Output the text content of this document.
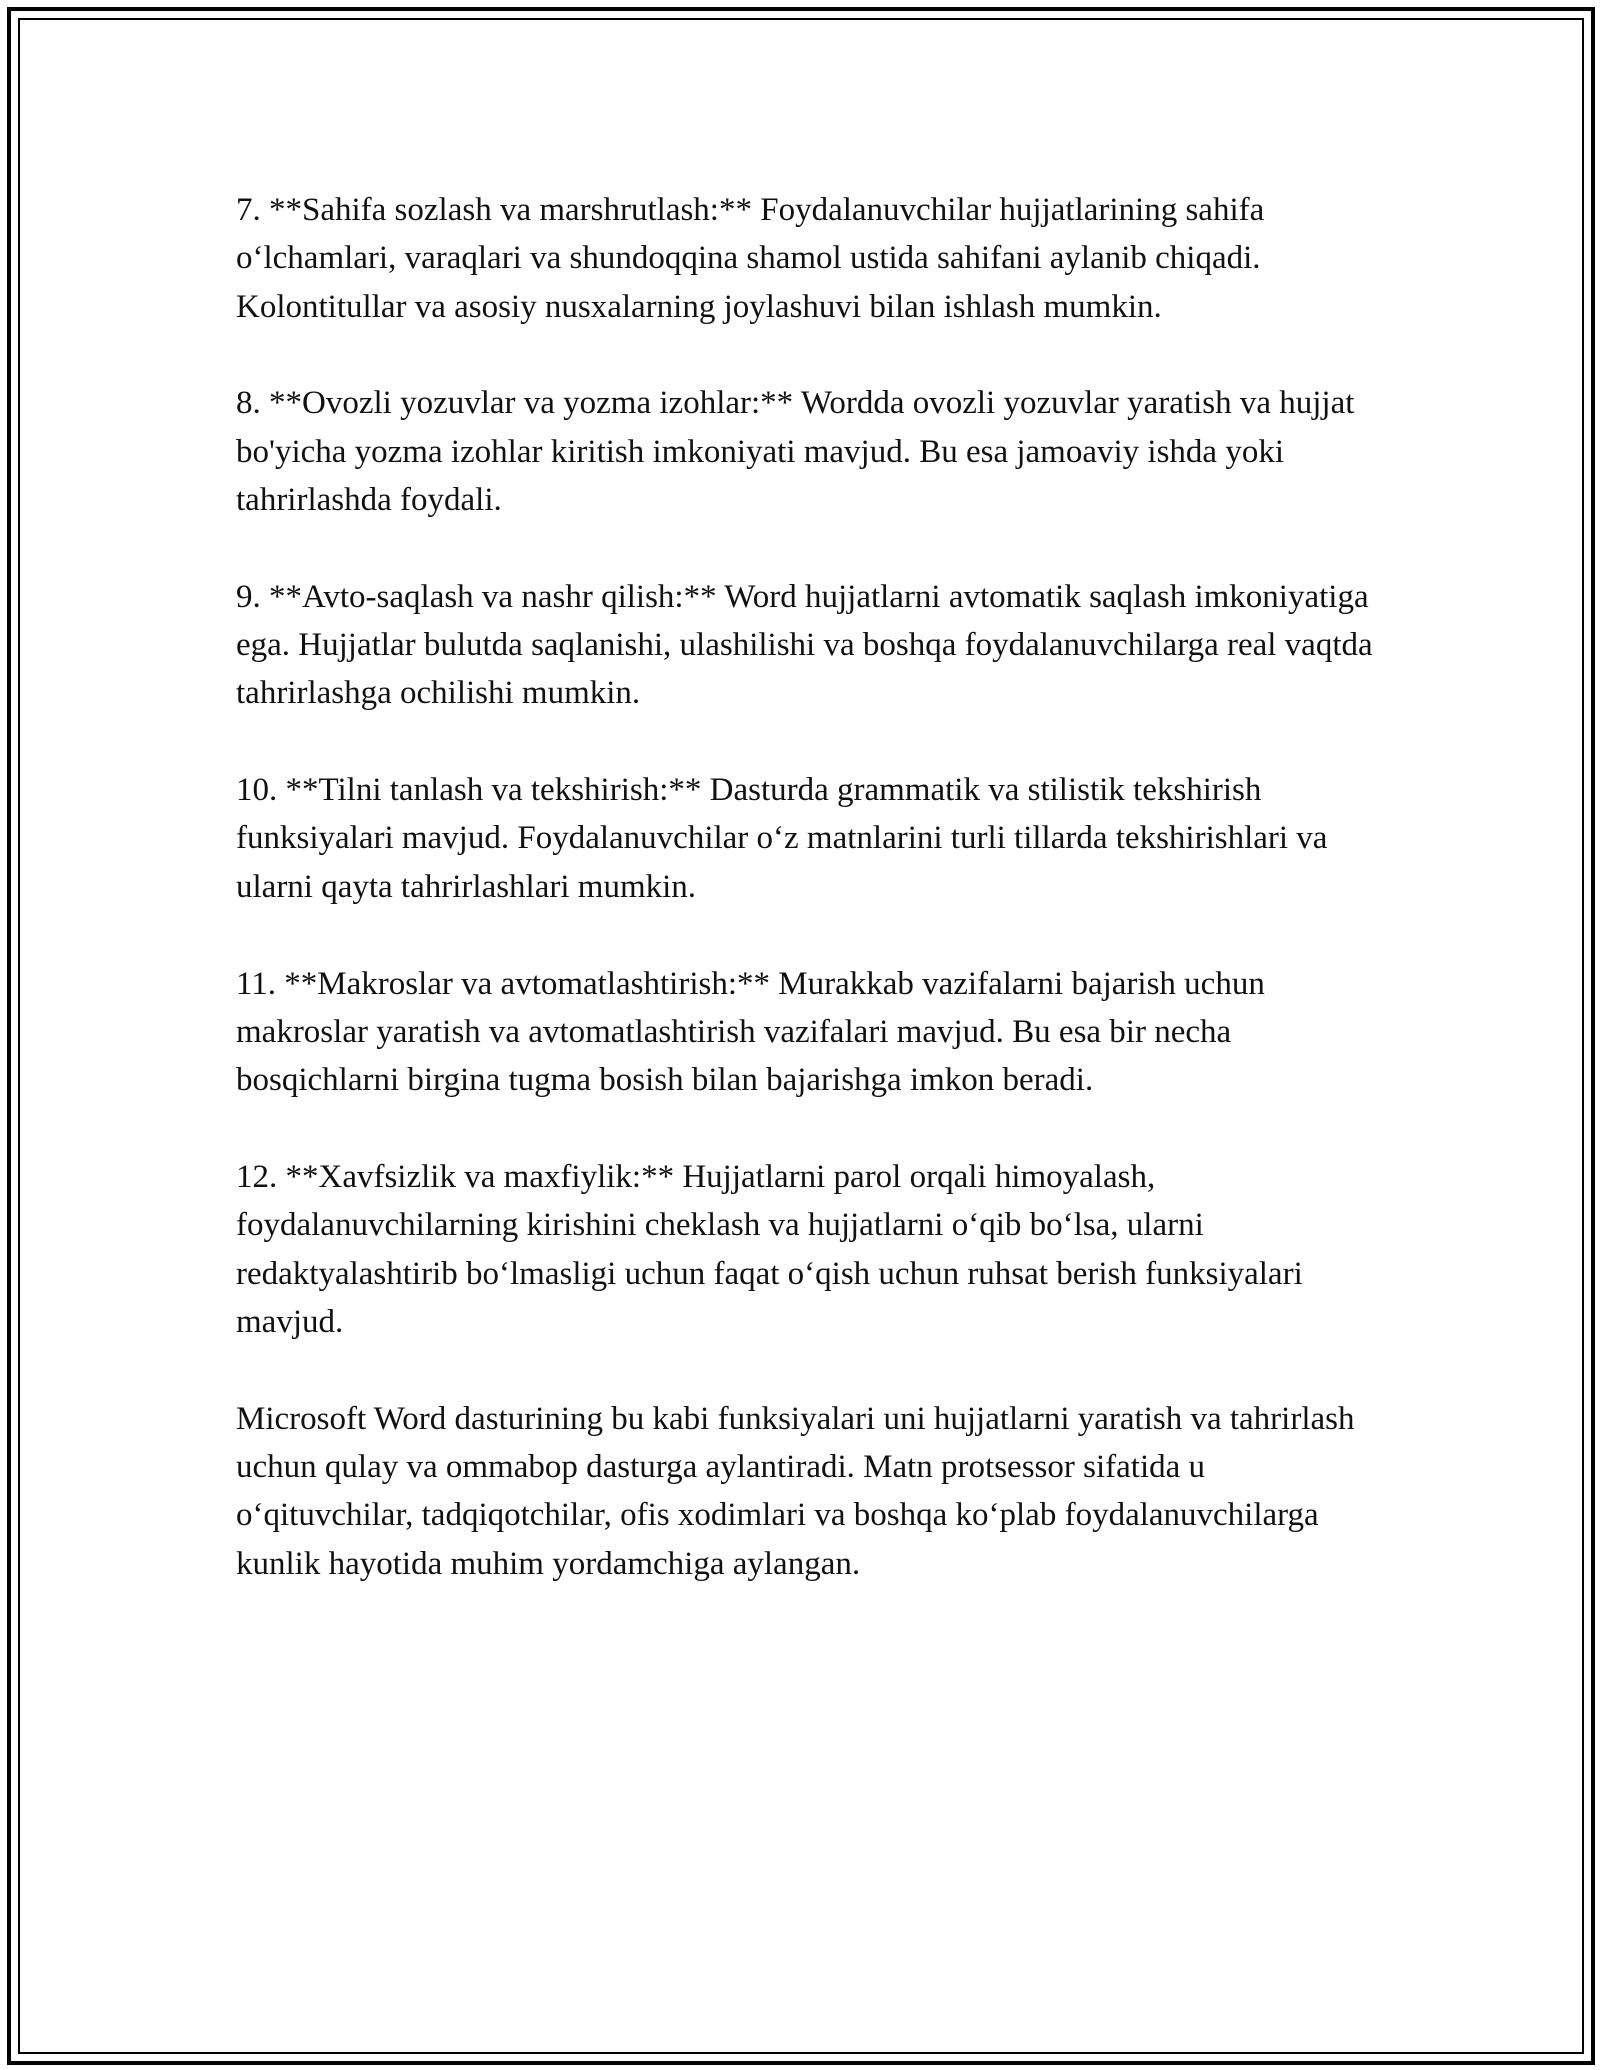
7. **Sahifa sozlash va marshrutlash:** Foydalanuvchilar hujjatlarining sahifa o‘lchamlari, varaqlari va shundoqqina shamol ustida sahifani aylanib chiqadi. Kolontitullar va asosiy nusxalarning joylashuvi bilan ishlash mumkin.

8. **Ovozli yozuvlar va yozma izohlar:** Wordda ovozli yozuvlar yaratish va hujjat bo'yicha yozma izohlar kiritish imkoniyati mavjud. Bu esa jamoaviy ishda yoki tahrirlashda foydali.

9. **Avto-saqlash va nashr qilish:** Word hujjatlarni avtomatik saqlash imkoniyatiga ega. Hujjatlar bulutda saqlanishi, ulashilishi va boshqa foydalanuvchilarga real vaqtda tahrirlashga ochilishi mumkin.

10. **Tilni tanlash va tekshirish:** Dasturda grammatik va stilistik tekshirish funksiyalari mavjud. Foydalanuvchilar o‘z matnlarini turli tillarda tekshirishlari va ularni qayta tahrirlashlari mumkin.

11. **Makroslar va avtomatlashtirish:** Murakkab vazifalarni bajarish uchun makroslar yaratish va avtomatlashtirish vazifalari mavjud. Bu esa bir necha bosqichlarni birgina tugma bosish bilan bajarishga imkon beradi.

12. **Xavfsizlik va maxfiylik:** Hujjatlarni parol orqali himoyalash, foydalanuvchilarning kirishini cheklash va hujjatlarni o‘qib bo‘lsa, ularni redaktyalashtirib bo‘lmasligi uchun faqat o‘qish uchun ruhsat berish funksiyalari mavjud.

Microsoft Word dasturining bu kabi funksiyalari uni hujjatlarni yaratish va tahrirlash uchun qulay va ommabop dasturga aylantiradi. Matn protsessor sifatida u o‘qituvchilar, tadqiqotchilar, ofis xodimlari va boshqa ko‘plab foydalanuvchilarga kunlik hayotida muhim yordamchiga aylangan.
